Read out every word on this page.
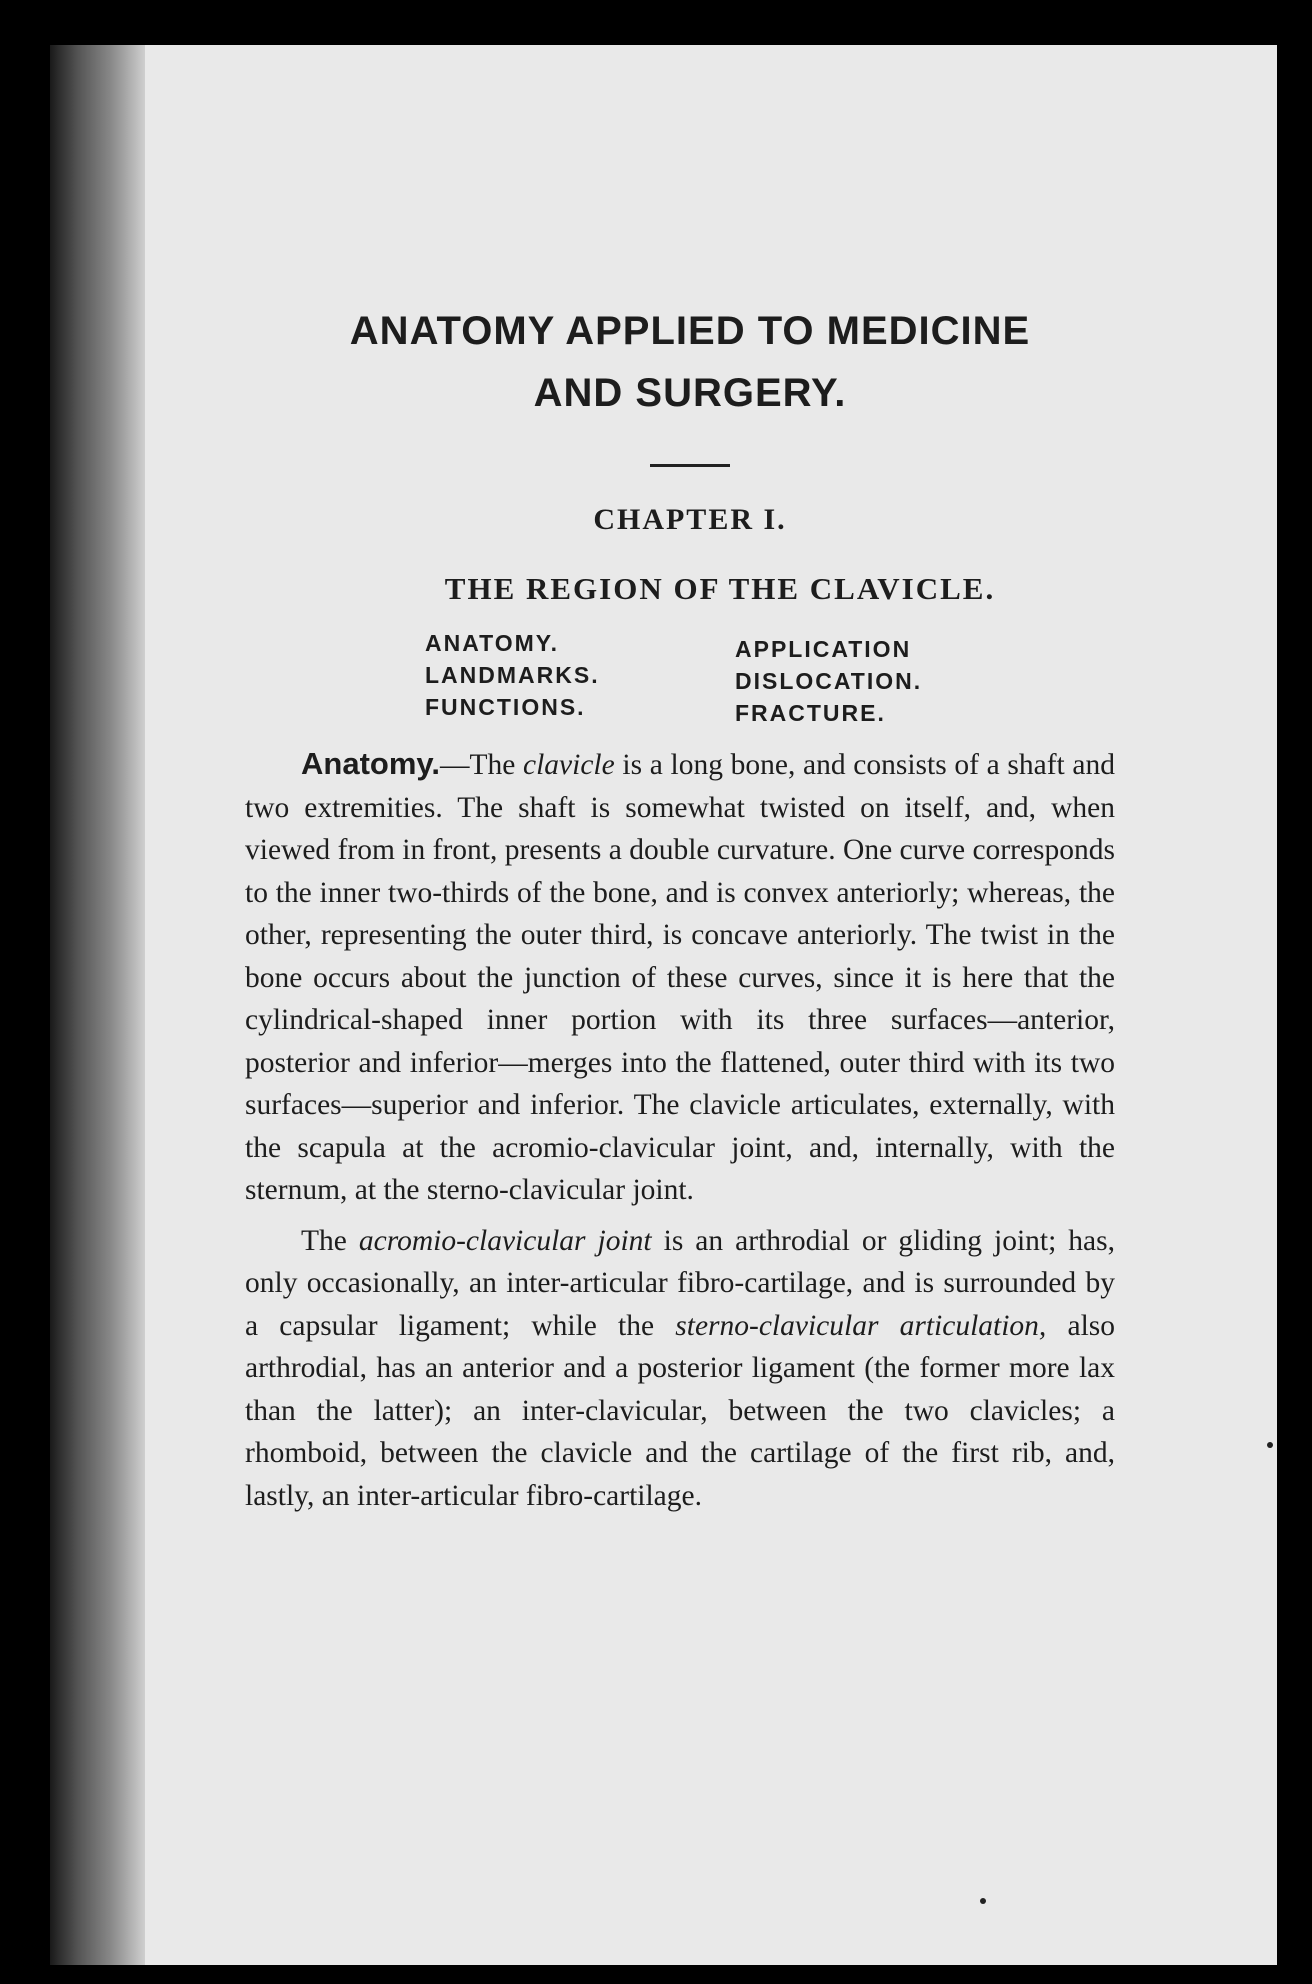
ANATOMY APPLIED TO MEDICINE
AND SURGERY.
CHAPTER I.
THE REGION OF THE CLAVICLE.
ANATOMY.
LANDMARKS.
FUNCTIONS.
APPLICATION
DISLOCATION.
FRACTURE.

Anatomy.—The clavicle is a long bone, and consists of a shaft and two extremities. The shaft is somewhat twisted on itself, and, when viewed from in front, presents a double curvature. One curve corresponds to the inner two-thirds of the bone, and is convex anteriorly; whereas, the other, representing the outer third, is concave anteriorly. The twist in the bone occurs about the junction of these curves, since it is here that the cylindrical-shaped inner portion with its three surfaces—anterior, posterior and inferior—merges into the flattened, outer third with its two surfaces—superior and inferior. The clavicle articulates, externally, with the scapula at the acromio-clavicular joint, and, internally, with the sternum, at the sterno-clavicular joint.

The acromio-clavicular joint is an arthrodial or gliding joint; has, only occasionally, an inter-articular fibro-cartilage, and is surrounded by a capsular ligament; while the sterno-clavicular articulation, also arthrodial, has an anterior and a posterior ligament (the former more lax than the latter); an inter-clavicular, between the two clavicles; a rhomboid, between the clavicle and the cartilage of the first rib, and, lastly, an inter-articular fibro-cartilage.
